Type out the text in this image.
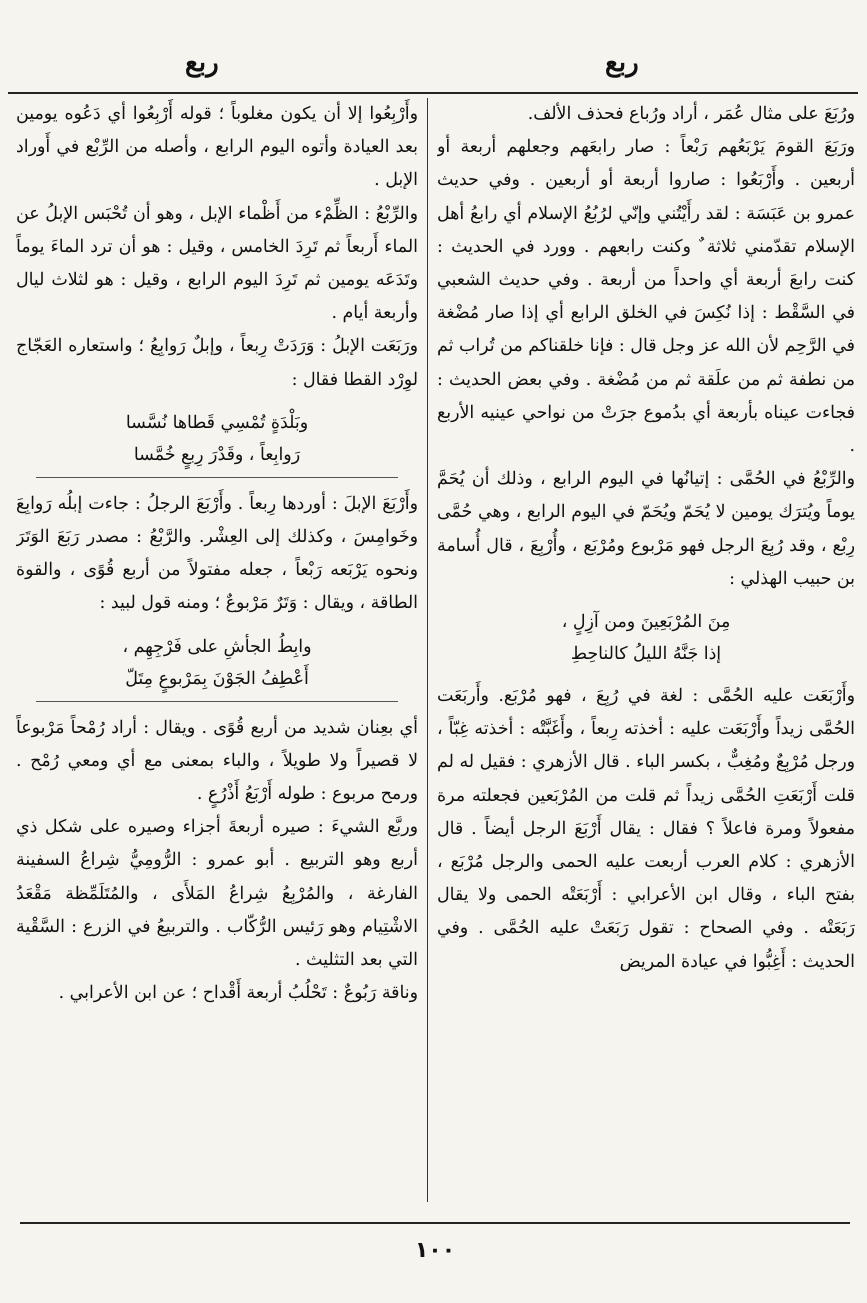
ربع
ربع

ورُبَعَ على مثال عُمَر ، أراد ورُباع فحذف الألف.

ورَبَعَ القومَ يَرْبَعُهم رَبْعاً : صار رابعَهم وجعلهم أربعة أو أربعين . وأَرْبَعُوا : صاروا أربعة أو أربعين . وفي حديث عمرو بن عَبَسَة : لقد رأَيْتُني وإنّي لرُبُعُ الإسلام أي رابعُ أهل الإسلام تقدّمني ثلاثة ٌ وكنت رابعهم . وورد في الحديث : كنت رابعَ أربعة أي واحداً من أربعة . وفي حديث الشعبي في السَّقْط : إذا نُكِسَ في الخلق الرابع أي إذا صار مُضْغة في الرَّحِم لأن الله عز وجل قال : فإنا خلقناكم من تُراب ثم من نطفة ثم من علَقة ثم من مُضْغة . وفي بعض الحديث : فجاءت عيناه بأربعة أي بدُموع جرَتْ من نواحي عينيه الأربع .

والرِّبْعُ في الحُمَّى : إتيانُها في اليوم الرابع ، وذلك أن يُحَمَّ يوماً ويُترَك يومين لا يُحَمّ ويُحَمّ في اليوم الرابع ، وهي حُمَّى رِبْع ، وقد رُبِعَ الرجل فهو مَرْبوع ومُرْبَع ، وأُرْبِعَ ، قال أُسامة بن حبيب الهذلي :

مِنَ المُرْبَعِينَ ومن آزِلٍ ،
إذا جَنَّهُ الليلُ كالناحِطِ

وأَرْبَعَت عليه الحُمَّى : لغة في رُبِعَ ، فهو مُرْبَع. وأَربَعَت الحُمَّى زيداً وأَرْبَعَت عليه : أخذته رِبعاً ، وأَغَبَّتْه : أخذته غِبّاً ، ورجل مُرْبِعٌ ومُغِبٌّ ، بكسر الباء . قال الأزهري : فقيل له لم قلت أَرْبَعَتِ الحُمَّى زيداً ثم قلت من المُرْبَعين فجعلته مرة مفعولاً ومرة فاعلاً ؟ فقال : يقال أَرْبَعَ الرجل أيضاً . قال الأزهري : كلام العرب أربعت عليه الحمى والرجل مُرْبَع ، بفتح الباء ، وقال ابن الأعرابي : أَرْبَعَتْه الحمى ولا يقال رَبَعَتْه . وفي الصحاح : تقول رَبَعَتْ عليه الحُمَّى . وفي الحديث : أَغِبُّوا في عيادة المريض

وأَرْبِعُوا إلا أن يكون مغلوباً ؛ قوله أَرْبِعُوا أي دَعُوه يومين بعد العيادة وأتوه اليوم الرابع ، وأصله من الرِّبْع في أَوراد الإبل .

والرِّبْعُ : الظِّمْء من أَظْماء الإبل ، وهو أن تُحْبَس الإبلُ عن الماء أَربعاً ثم تَرِدَ الخامس ، وقيل : هو أن ترد الماءَ يوماً وتَدَعَه يومين ثم تَرِدَ اليوم الرابع ، وقيل : هو لثلاث ليال وأربعة أيام .

ورَبَعَت الإبلُ : وَرَدَتْ رِبعاً ، وإبلٌ رَوابِعُ ؛ واستعاره العَجّاج لوِرْد القطا فقال :

وبَلْدَةٍ تُمْسِي قَطاها نُسَّسا
رَوابِعاً ، وقَدْرَ رِبعٍ خُمَّسا

وأَرْبَعَ الإبلَ : أوردها رِبعاً . وأَرْبَعَ الرجلُ : جاءت إبلُه رَوابِعَ وخَوامِسَ ، وكذلك إلى العِشْر. والرَّبْعُ : مصدر رَبَعَ الوَتَرَ ونحوه يَرْبَعه رَبْعاً ، جعله مفتولاً من أربع قُوًى ، والقوة الطاقة ، ويقال : وَتَرٌ مَرْبوعٌ ؛ ومنه قول لبيد :

وابِطُ الجأشِ على فَرْجِهِم ،
أَعْطِفُ الجَوْنَ بِمَرْبوعٍ مِتَلّ

أي بعِنان شديد من أربع قُوًى . ويقال : أراد رُمْحاً مَرْبوعاً لا قصيراً ولا طويلاً ، والباء بمعنى مع أي ومعي رُمْح . ورمح مربوع : طوله أَرْبَعُ أَذْرُعٍ .

وربَّع الشيءَ : صيره أربعةَ أجزاء وصيره على شكل ذي أربع وهو التربيع . أبو عمرو : الرُّومِيُّ شِراعُ السفينة الفارغة ، والمُرْبِعُ شِراعُ المَلأَى ، والمُتَلَمِّظة مَقْعَدُ الاشْتِيام وهو رَئيس الرُّكّاب . والتربيعُ في الزرع : السَّقْية التي بعد التثليث .

وناقة رَبُوعٌ : تَحْلُبُ أربعة أَقْداح ؛ عن ابن الأعرابي .

١٠٠
